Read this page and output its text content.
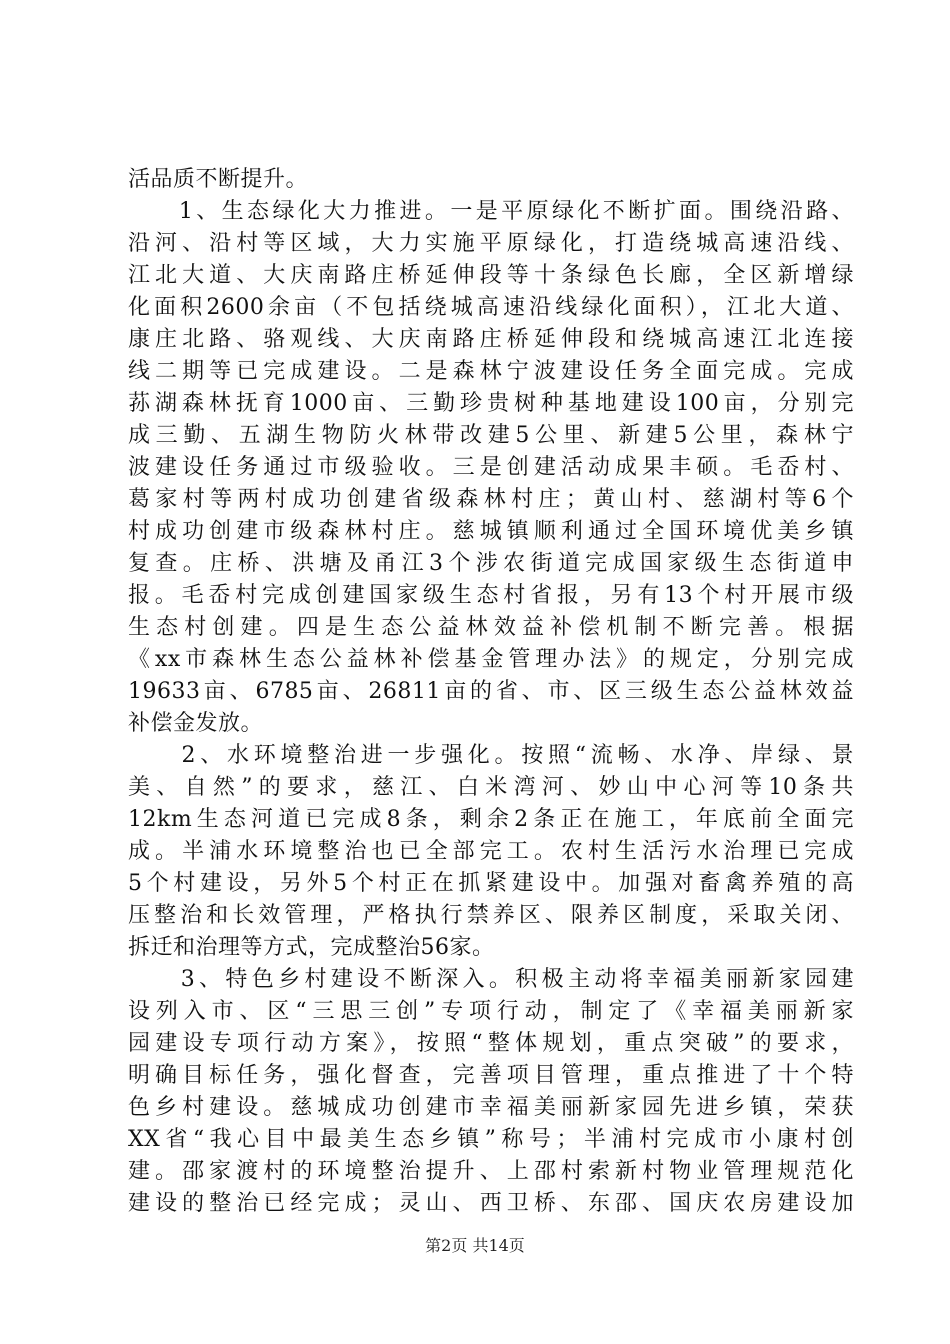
活品质不断提升。
　　1、生态绿化大力推进。一是平原绿化不断扩面。围绕沿路、
沿河、沿村等区域，大力实施平原绿化，打造绕城高速沿线、
江北大道、大庆南路庄桥延伸段等十条绿色长廊，全区新增绿
化面积2600余亩（不包括绕城高速沿线绿化面积），江北大道、
康庄北路、骆观线、大庆南路庄桥延伸段和绕城高速江北连接
线二期等已完成建设。二是森林宁波建设任务全面完成。完成
荪湖森林抚育1000亩、三勤珍贵树种基地建设100亩，分别完
成三勤、五湖生物防火林带改建5公里、新建5公里，森林宁
波建设任务通过市级验收。三是创建活动成果丰硕。毛岙村、
葛家村等两村成功创建省级森林村庄；黄山村、慈湖村等6个
村成功创建市级森林村庄。慈城镇顺利通过全国环境优美乡镇
复查。庄桥、洪塘及甬江3个涉农街道完成国家级生态街道申
报。毛岙村完成创建国家级生态村省报，另有13个村开展市级
生态村创建。四是生态公益林效益补偿机制不断完善。根据
《xx市森林生态公益林补偿基金管理办法》的规定，分别完成
19633亩、6785亩、26811亩的省、市、区三级生态公益林效益
补偿金发放。
　　2、水环境整治进一步强化。按照“流畅、水净、岸绿、景
美、自然”的要求，慈江、白米湾河、妙山中心河等10条共
12km生态河道已完成8条，剩余2条正在施工，年底前全面完
成。半浦水环境整治也已全部完工。农村生活污水治理已完成
5个村建设，另外5个村正在抓紧建设中。加强对畜禽养殖的高
压整治和长效管理，严格执行禁养区、限养区制度，采取关闭、
拆迁和治理等方式，完成整治56家。
　　3、特色乡村建设不断深入。积极主动将幸福美丽新家园建
设列入市、区“三思三创”专项行动，制定了《幸福美丽新家
园建设专项行动方案》，按照“整体规划，重点突破”的要求，
明确目标任务，强化督查，完善项目管理，重点推进了十个特
色乡村建设。慈城成功创建市幸福美丽新家园先进乡镇，荣获
XX省“我心目中最美生态乡镇”称号；半浦村完成市小康村创
建。邵家渡村的环境整治提升、上邵村索新村物业管理规范化
建设的整治已经完成；灵山、西卫桥、东邵、国庆农房建设加
第2页 共14页
